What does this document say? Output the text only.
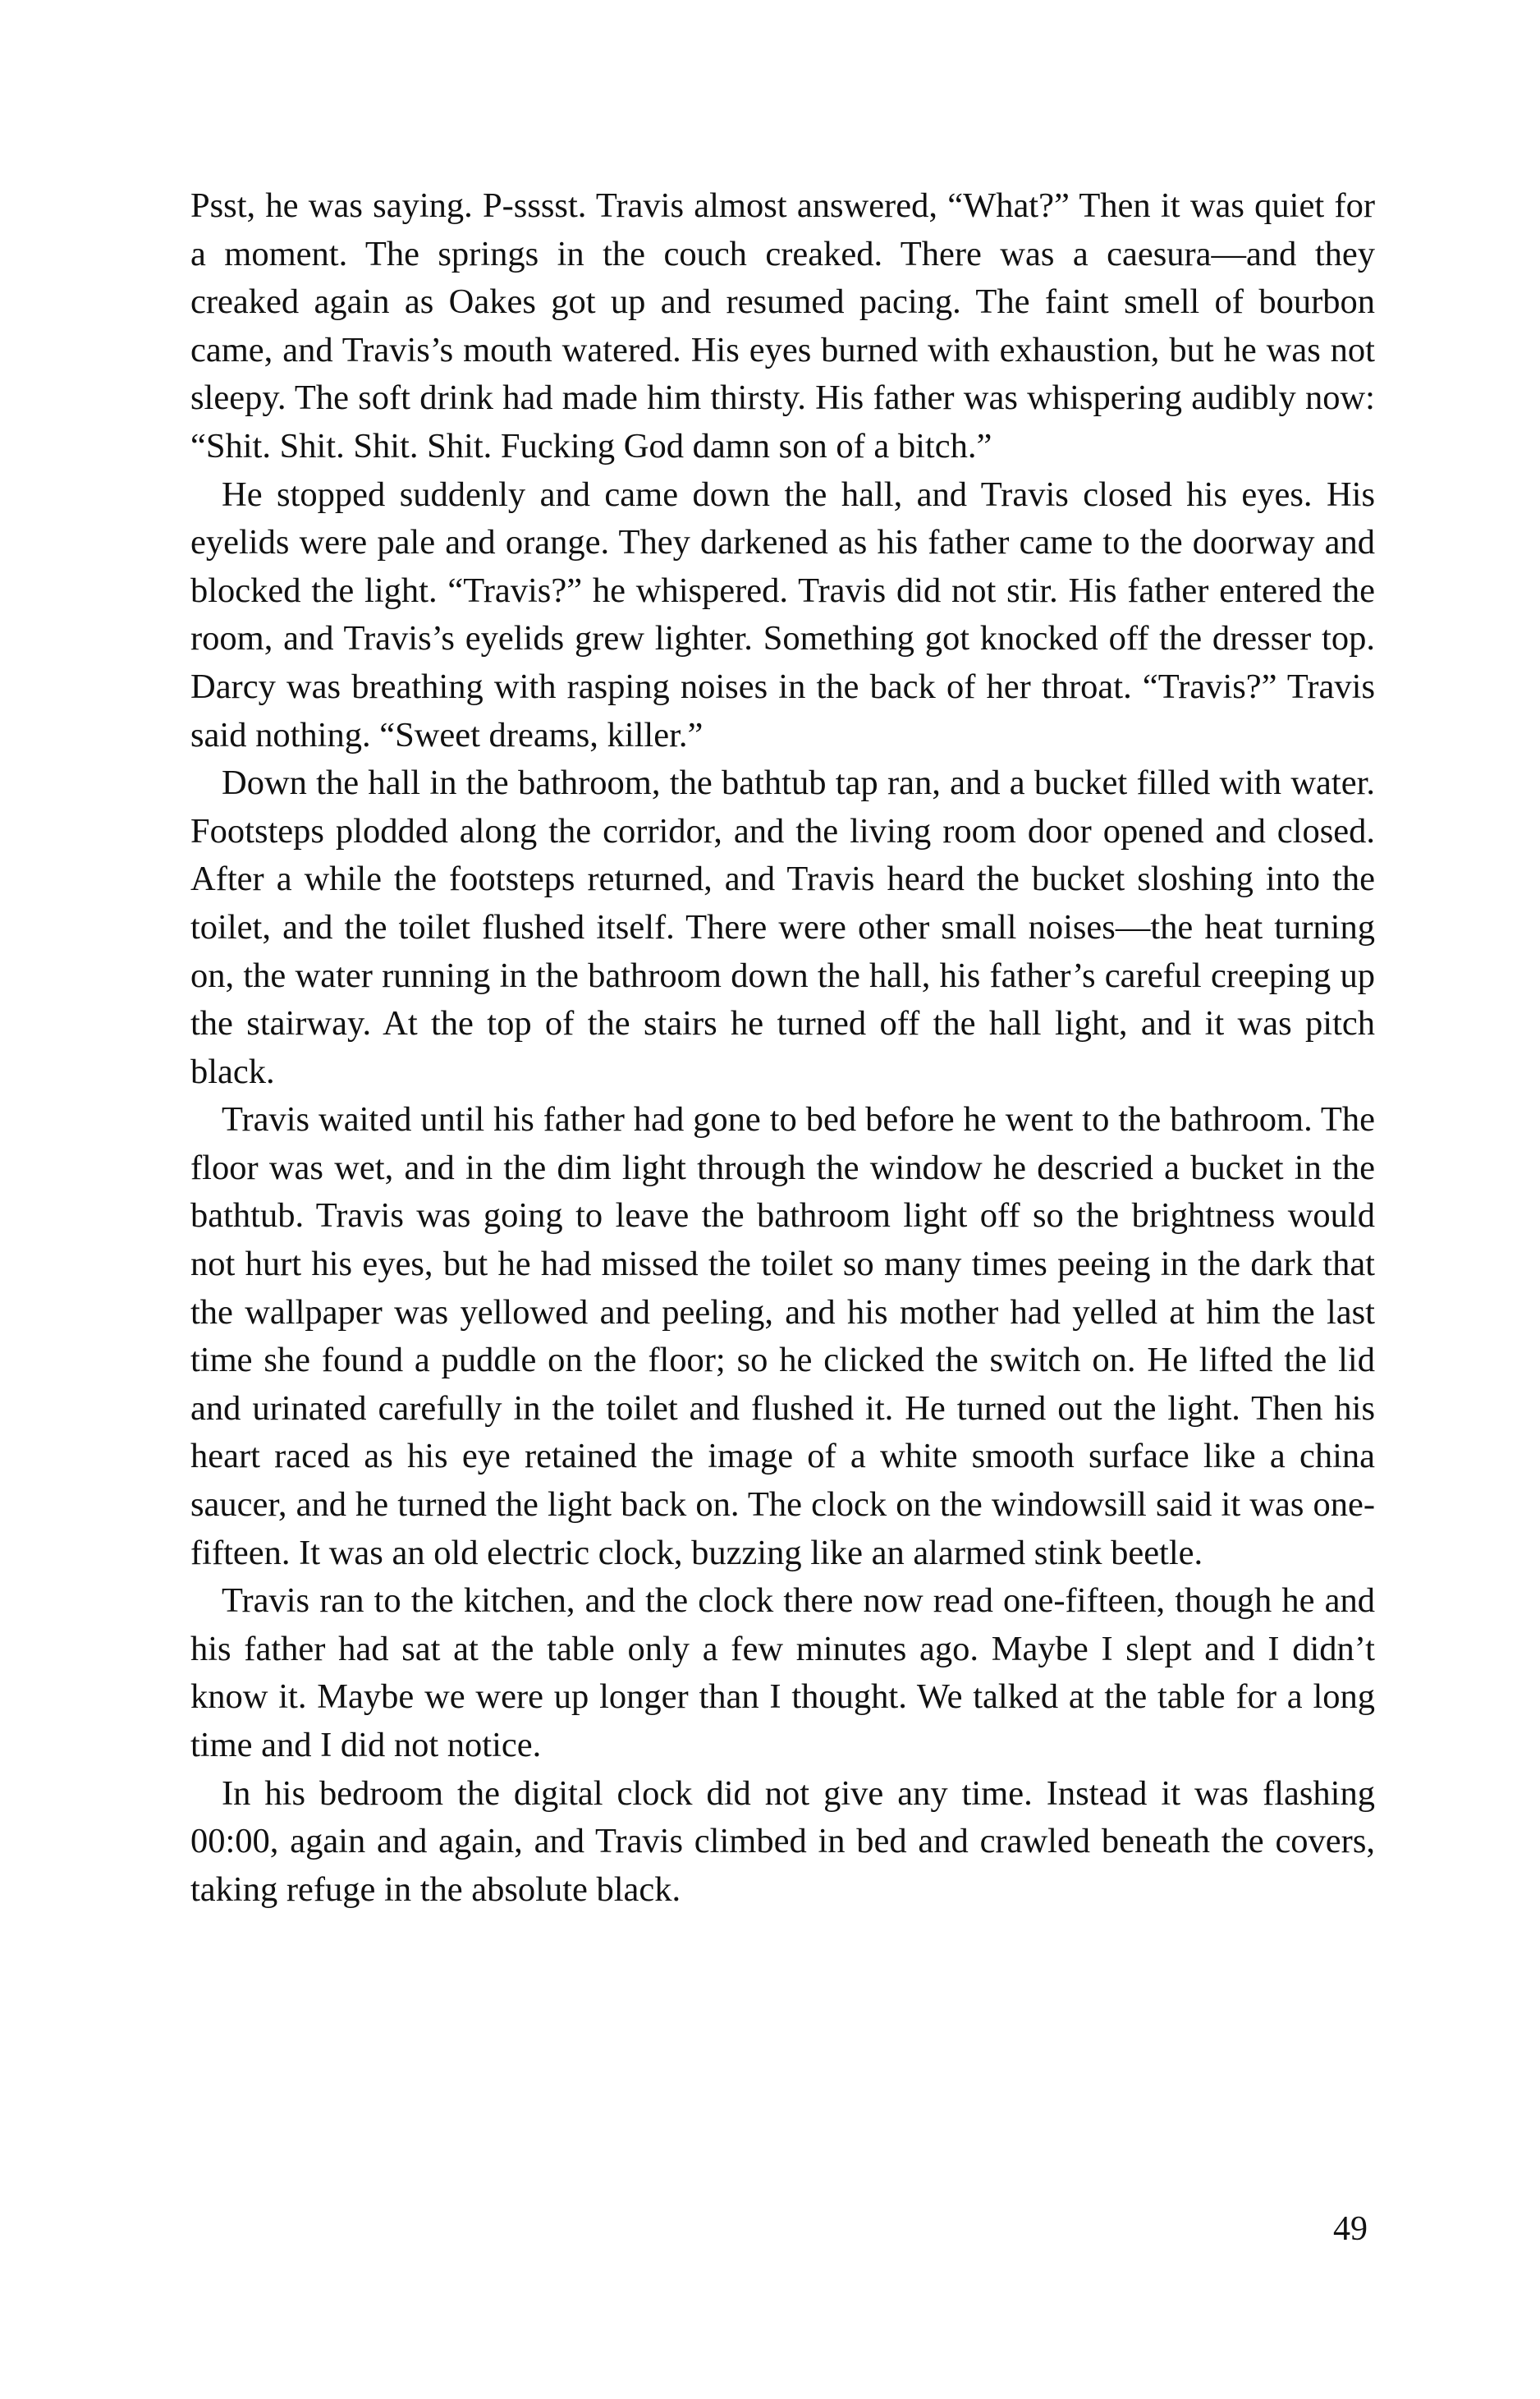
Psst, he was saying. P-sssst. Travis almost answered, “What?” Then it was quiet for a moment. The springs in the couch creaked. There was a caesura—and they creaked again as Oakes got up and resumed pacing. The faint smell of bourbon came, and Travis’s mouth watered. His eyes burned with exhaustion, but he was not sleepy. The soft drink had made him thirsty. His father was whispering audibly now: “Shit. Shit. Shit. Shit. Fucking God damn son of a bitch.”

He stopped suddenly and came down the hall, and Travis closed his eyes. His eyelids were pale and orange. They darkened as his father came to the doorway and blocked the light. “Travis?” he whispered. Travis did not stir. His father entered the room, and Travis’s eyelids grew lighter. Something got knocked off the dresser top. Darcy was breathing with rasping noises in the back of her throat. “Travis?” Travis said nothing. “Sweet dreams, killer.”

Down the hall in the bathroom, the bathtub tap ran, and a bucket filled with water. Footsteps plodded along the corridor, and the living room door opened and closed. After a while the footsteps returned, and Travis heard the bucket sloshing into the toilet, and the toilet flushed itself. There were other small noises—the heat turning on, the water running in the bathroom down the hall, his father’s careful creeping up the stairway. At the top of the stairs he turned off the hall light, and it was pitch black.

Travis waited until his father had gone to bed before he went to the bathroom. The floor was wet, and in the dim light through the window he descried a bucket in the bathtub. Travis was going to leave the bathroom light off so the brightness would not hurt his eyes, but he had missed the toilet so many times peeing in the dark that the wallpaper was yellowed and peeling, and his mother had yelled at him the last time she found a puddle on the floor; so he clicked the switch on. He lifted the lid and urinated carefully in the toilet and flushed it. He turned out the light. Then his heart raced as his eye retained the image of a white smooth surface like a china saucer, and he turned the light back on. The clock on the windowsill said it was one-fifteen. It was an old electric clock, buzzing like an alarmed stink beetle.

Travis ran to the kitchen, and the clock there now read one-fifteen, though he and his father had sat at the table only a few minutes ago. Maybe I slept and I didn’t know it. Maybe we were up longer than I thought. We talked at the table for a long time and I did not notice.

In his bedroom the digital clock did not give any time. Instead it was flashing 00:00, again and again, and Travis climbed in bed and crawled beneath the covers, taking refuge in the absolute black.

49
